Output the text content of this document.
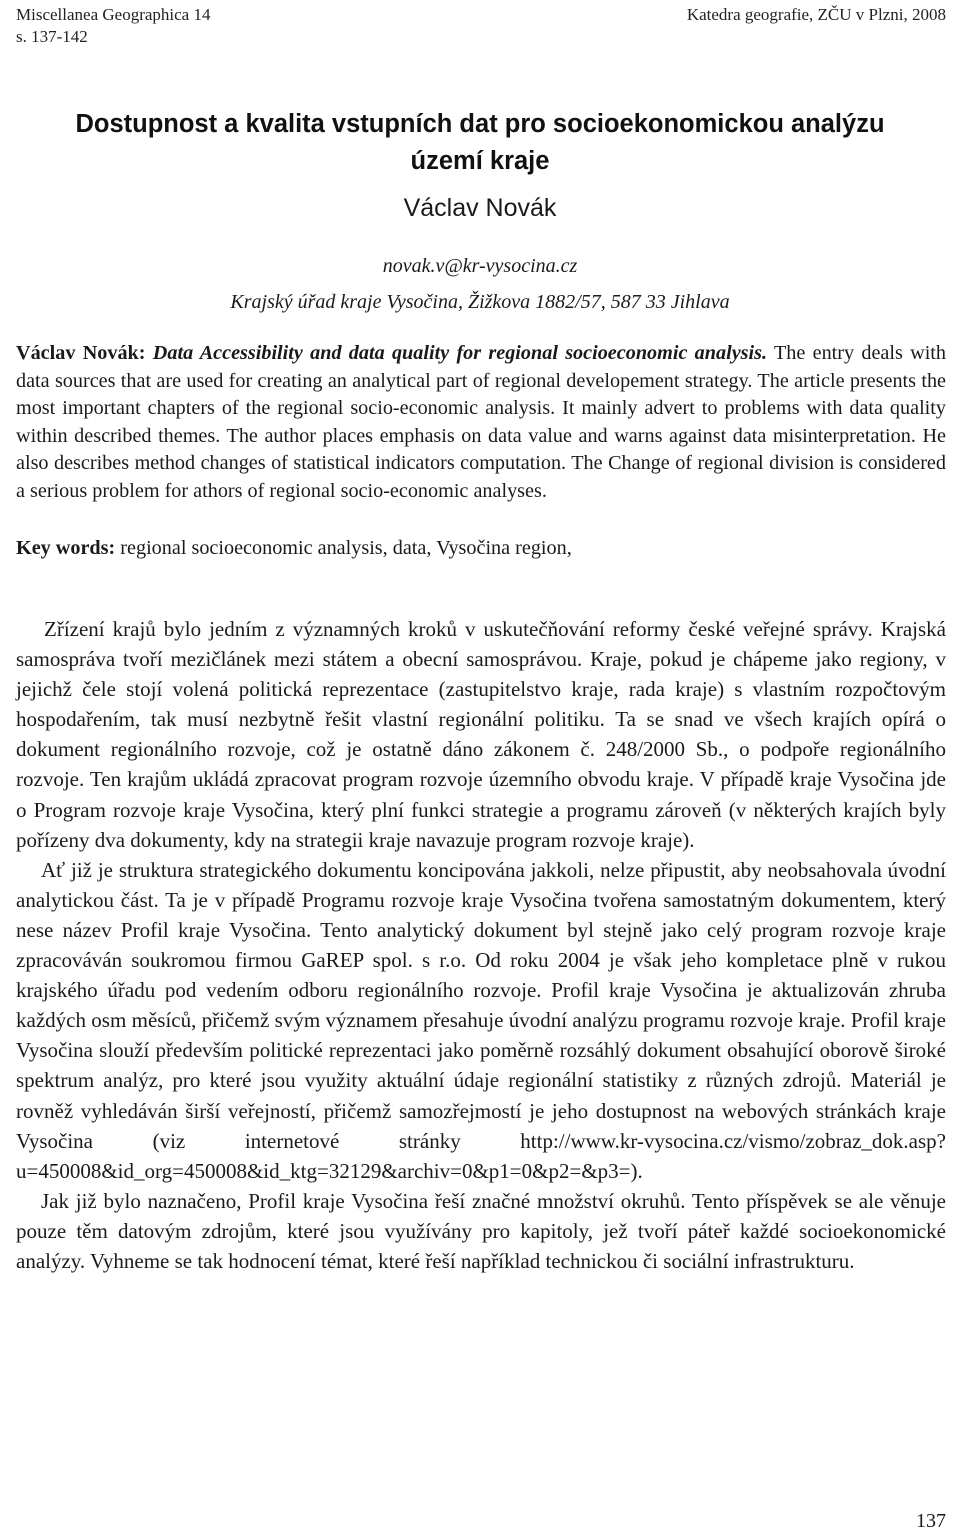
Miscellanea Geographica 14
s. 137-142
Katedra geografie, ZČU v Plzni, 2008
Dostupnost a kvalita vstupních dat pro socioekonomickou analýzu
území kraje
Václav Novák
novak.v@kr-vysocina.cz
Krajský úřad kraje Vysočina, Žižkova 1882/57, 587 33 Jihlava
Václav Novák: Data Accessibility and data quality for regional socioeconomic analysis. The entry deals with data sources that are used for creating an analytical part of regional developement strategy. The article presents the most important chapters of the regional socio-economic analysis. It mainly advert to problems with data quality within described themes. The author places emphasis on data value and warns against data misinterpretation. He also describes method changes of statistical indicators computation. The Change of regional division is considered a serious problem for athors of regional socio-economic analyses.
Key words: regional socioeconomic analysis, data, Vysočina region,

Zřízení krajů bylo jedním z významných kroků v uskutečňování reformy české veřejné správy. Krajská samospráva tvoří mezičlánek mezi státem a obecní samosprávou. Kraje, pokud je chápeme jako regiony, v jejichž čele stojí volená politická reprezentace (zastupitelstvo kraje, rada kraje) s vlastním rozpočtovým hospodařením, tak musí nezbytně řešit vlastní regionální politiku. Ta se snad ve všech krajích opírá o dokument regionálního rozvoje, což je ostatně dáno zákonem č. 248/2000 Sb., o podpoře regionálního rozvoje. Ten krajům ukládá zpracovat program rozvoje územního obvodu kraje. V případě kraje Vysočina jde o Program rozvoje kraje Vysočina, který plní funkci strategie a programu zároveň (v některých krajích byly pořízeny dva dokumenty, kdy na strategii kraje navazuje program rozvoje kraje).

Ať již je struktura strategického dokumentu koncipována jakkoli, nelze připustit, aby neobsahovala úvodní analytickou část. Ta je v případě Programu rozvoje kraje Vysočina tvořena samostatným dokumentem, který nese název Profil kraje Vysočina. Tento analytický dokument byl stejně jako celý program rozvoje kraje zpracováván soukromou firmou GaREP spol. s r.o. Od roku 2004 je však jeho kompletace plně v rukou krajského úřadu pod vedením odboru regionálního rozvoje. Profil kraje Vysočina je aktualizován zhruba každých osm měsíců, přičemž svým významem přesahuje úvodní analýzu programu rozvoje kraje. Profil kraje Vysočina slouží především politické reprezentaci jako poměrně rozsáhlý dokument obsahující oborově široké spektrum analýz, pro které jsou využity aktuální údaje regionální statistiky z různých zdrojů. Materiál je rovněž vyhledáván širší veřejností, přičemž samozřejmostí je jeho dostupnost na webových stránkách kraje Vysočina (viz internetové stránky http://www.kr-vysocina.cz/vismo/zobraz_dok.asp?u=450008&id_org=450008&id_ktg=32129&archiv=0&p1=0&p2=&p3=).

Jak již bylo naznačeno, Profil kraje Vysočina řeší značné množství okruhů. Tento příspěvek se ale věnuje pouze těm datovým zdrojům, které jsou využívány pro kapitoly, jež tvoří páteř každé socioekonomické analýzy. Vyhneme se tak hodnocení témat, které řeší například technickou či sociální infrastrukturu.

137
